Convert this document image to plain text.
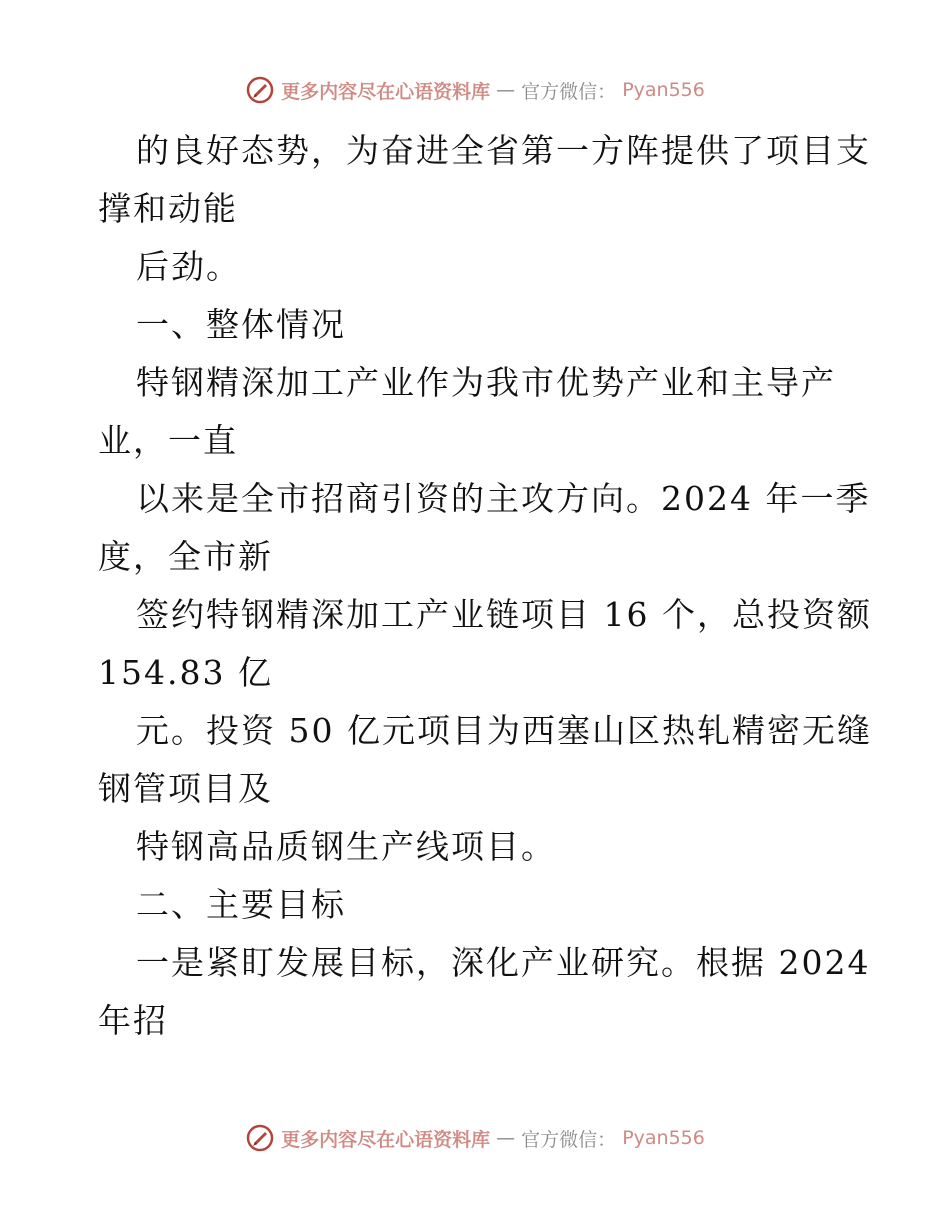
更多内容尽在心语资料库 — 官方微信： Pyan556
的良好态势，为奋进全省第一方阵提供了项目支
撑和动能
后劲。
一、整体情况
特钢精深加工产业作为我市优势产业和主导产
业，一直
以来是全市招商引资的主攻方向。2024 年一季
度，全市新
签约特钢精深加工产业链项目 16 个，总投资额
154.83 亿
元。投资 50 亿元项目为西塞山区热轧精密无缝
钢管项目及
特钢高品质钢生产线项目。
二、主要目标
一是紧盯发展目标，深化产业研究。根据 2024
年招
更多内容尽在心语资料库 — 官方微信： Pyan556
